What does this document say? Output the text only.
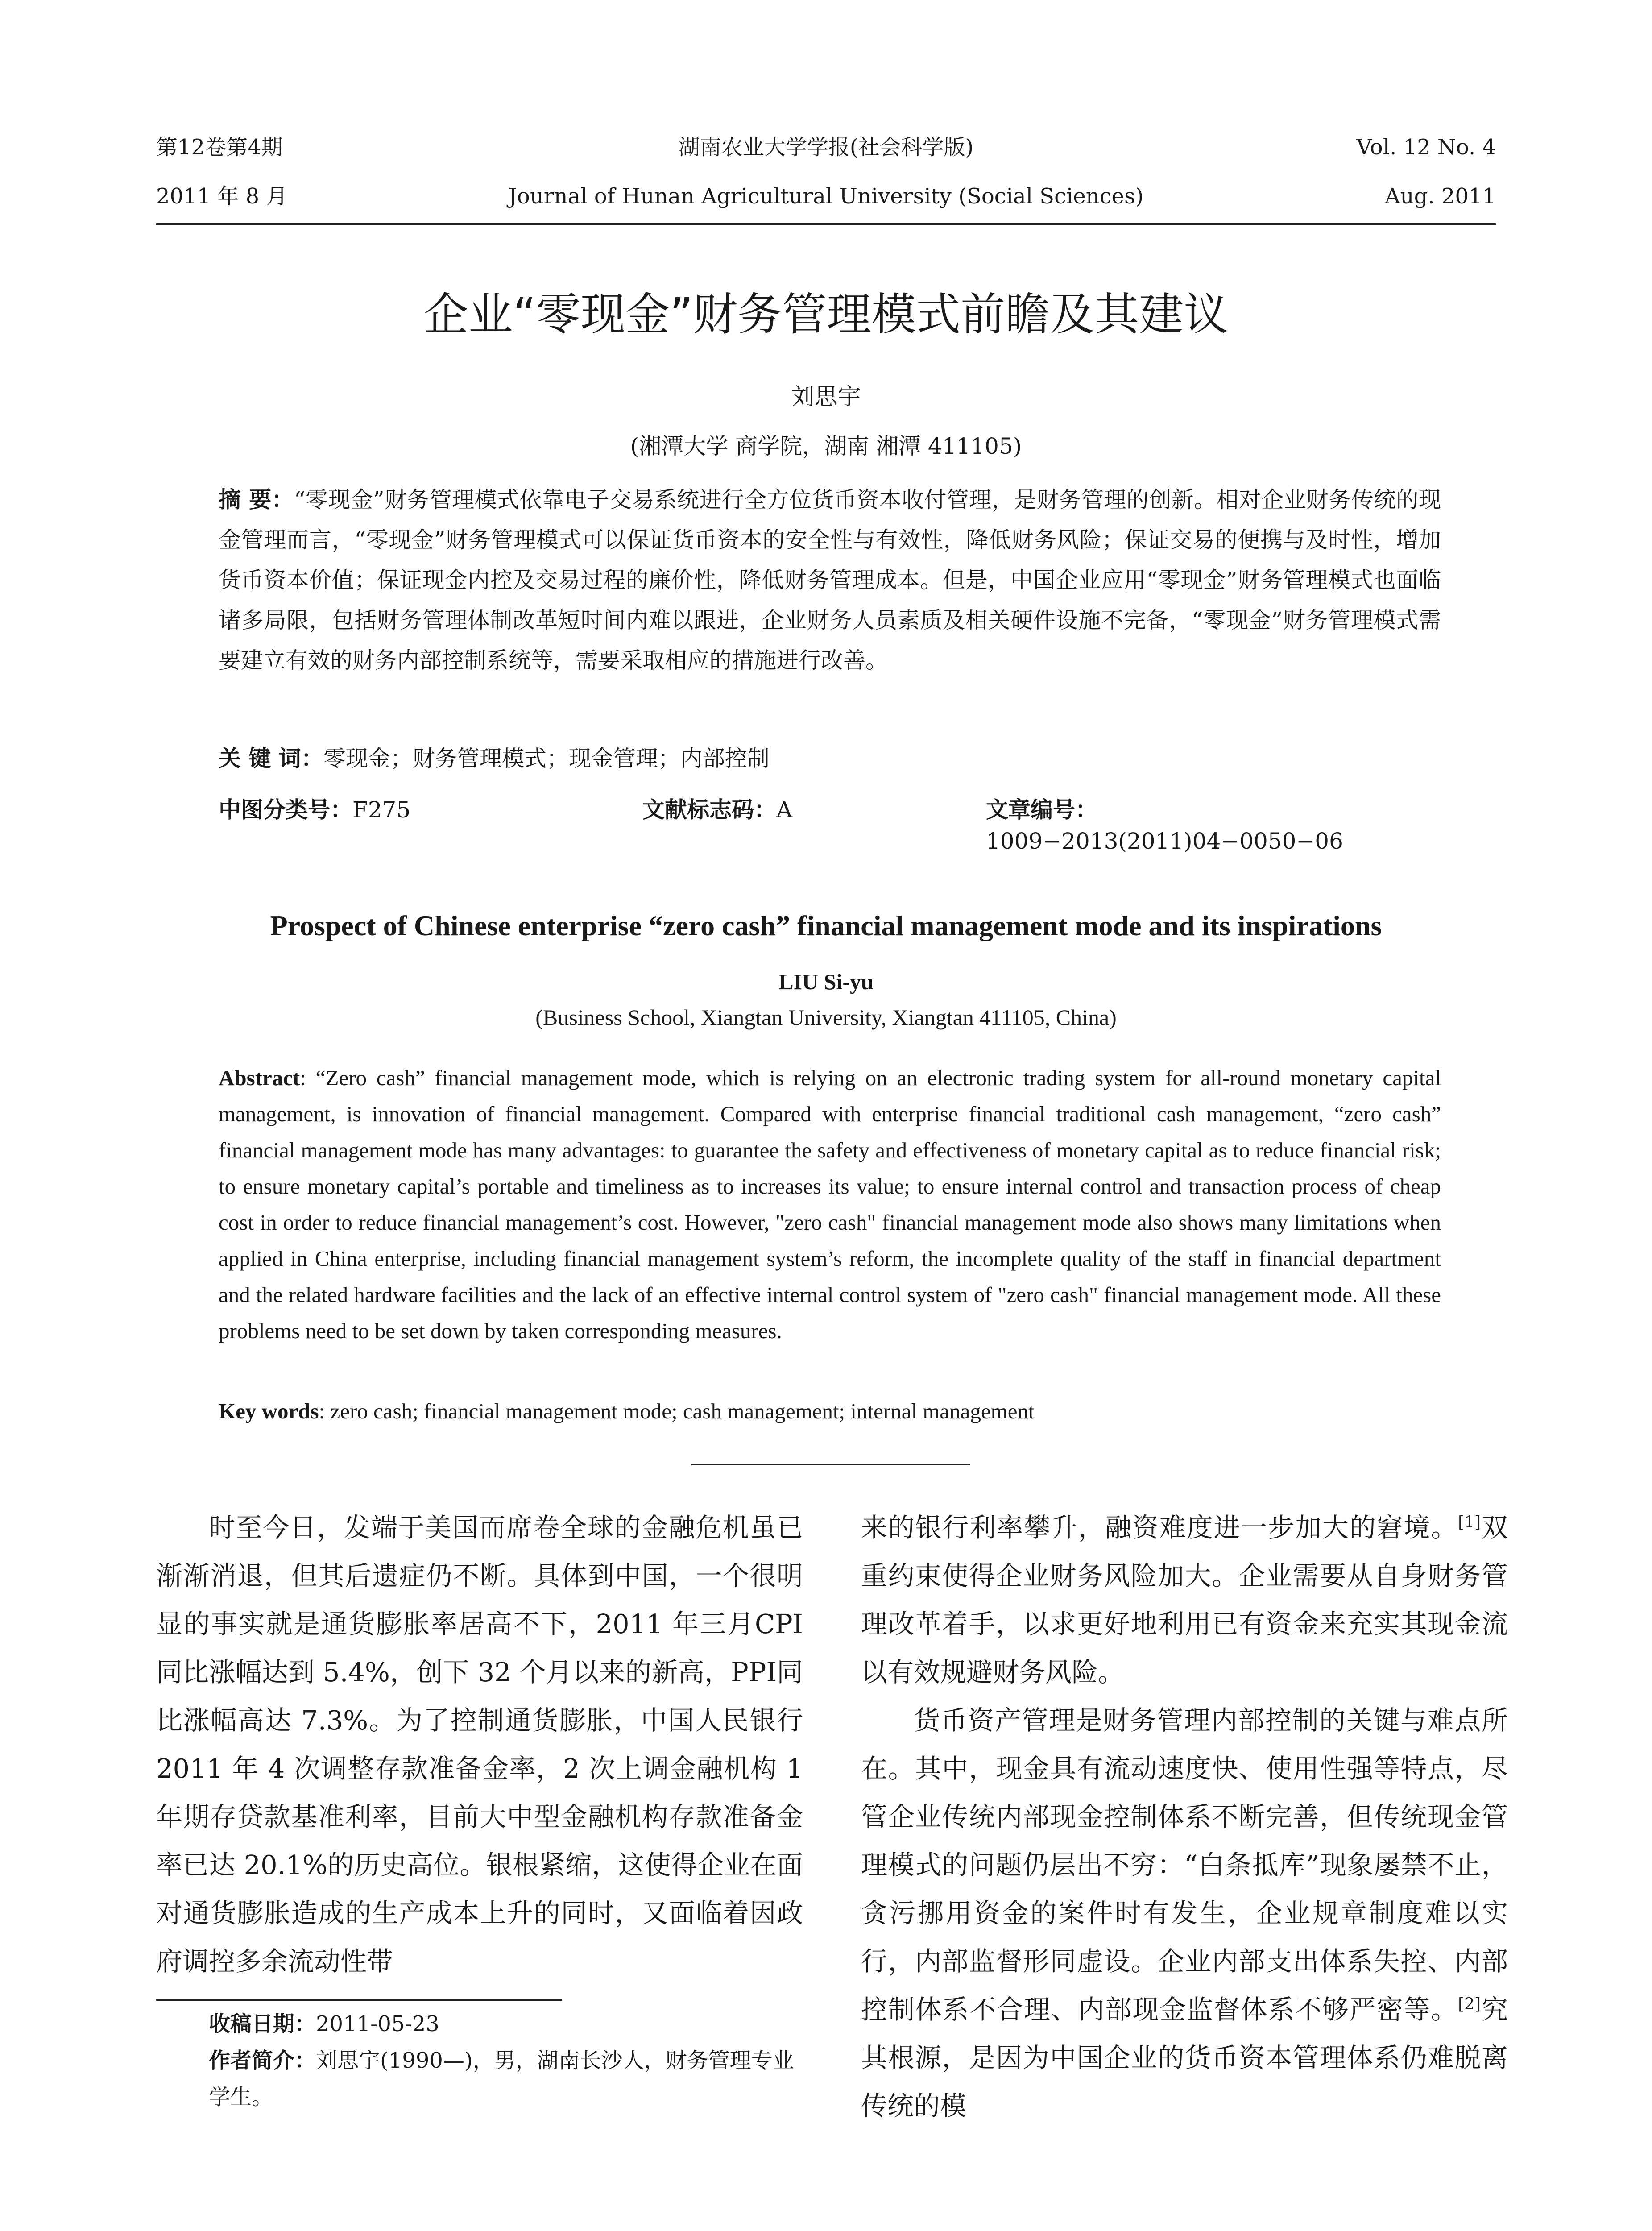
第12卷第4期	湖南农业大学学报(社会科学版)	Vol. 12 No. 4
2011 年 8 月	Journal of Hunan Agricultural University (Social Sciences)	Aug. 2011
企业“零现金”财务管理模式前瞻及其建议
刘思宇
(湘潭大学 商学院，湖南 湘潭 411105)
摘 要：“零现金”财务管理模式依靠电子交易系统进行全方位货币资本收付管理，是财务管理的创新。相对企业财务传统的现金管理而言，“零现金”财务管理模式可以保证货币资本的安全性与有效性，降低财务风险；保证交易的便携与及时性，增加货币资本价值；保证现金内控及交易过程的廉价性，降低财务管理成本。但是，中国企业应用“零现金”财务管理模式也面临诸多局限，包括财务管理体制改革短时间内难以跟进，企业财务人员素质及相关硬件设施不完备，“零现金”财务管理模式需要建立有效的财务内部控制系统等，需要采取相应的措施进行改善。
关 键 词：零现金；财务管理模式；现金管理；内部控制
中图分类号：F275	文献标志码：A	文章编号：1009−2013(2011)04−0050−06
Prospect of Chinese enterprise “zero cash” financial management mode and its inspirations
LIU Si-yu
(Business School, Xiangtan University, Xiangtan 411105, China)
Abstract: “Zero cash” financial management mode, which is relying on an electronic trading system for all-round monetary capital management, is innovation of financial management. Compared with enterprise financial traditional cash management, “zero cash” financial management mode has many advantages: to guarantee the safety and effectiveness of monetary capital as to reduce financial risk; to ensure monetary capital’s portable and timeliness as to increases its value; to ensure internal control and transaction process of cheap cost in order to reduce financial management’s cost. However, "zero cash" financial management mode also shows many limitations when applied in China enterprise, including financial management system’s reform, the incomplete quality of the staff in financial department and the related hardware facilities and the lack of an effective internal control system of "zero cash" financial management mode. All these problems need to be set down by taken corresponding measures.
Key words: zero cash; financial management mode; cash management; internal management

时至今日，发端于美国而席卷全球的金融危机虽已渐渐消退，但其后遗症仍不断。具体到中国，一个很明显的事实就是通货膨胀率居高不下，2011 年三月CPI同比涨幅达到 5.4%，创下 32 个月以来的新高，PPI同比涨幅高达 7.3%。为了控制通货膨胀，中国人民银行 2011 年 4 次调整存款准备金率，2 次上调金融机构 1 年期存贷款基准利率，目前大中型金融机构存款准备金率已达 20.1%的历史高位。银根紧缩，这使得企业在面对通货膨胀造成的生产成本上升的同时，又面临着因政府调控多余流动性带

来的银行利率攀升，融资难度进一步加大的窘境。[1]双重约束使得企业财务风险加大。企业需要从自身财务管理改革着手，以求更好地利用已有资金来充实其现金流以有效规避财务风险。

货币资产管理是财务管理内部控制的关键与难点所在。其中，现金具有流动速度快、使用性强等特点，尽管企业传统内部现金控制体系不断完善，但传统现金管理模式的问题仍层出不穷：“白条抵库”现象屡禁不止，贪污挪用资金的案件时有发生，企业规章制度难以实行，内部监督形同虚设。企业内部支出体系失控、内部控制体系不合理、内部现金监督体系不够严密等。[2]究其根源，是因为中国企业的货币资本管理体系仍难脱离传统的模

收稿日期：2011-05-23

作者简介：刘思宇(1990—)，男，湖南长沙人，财务管理专业学生。
